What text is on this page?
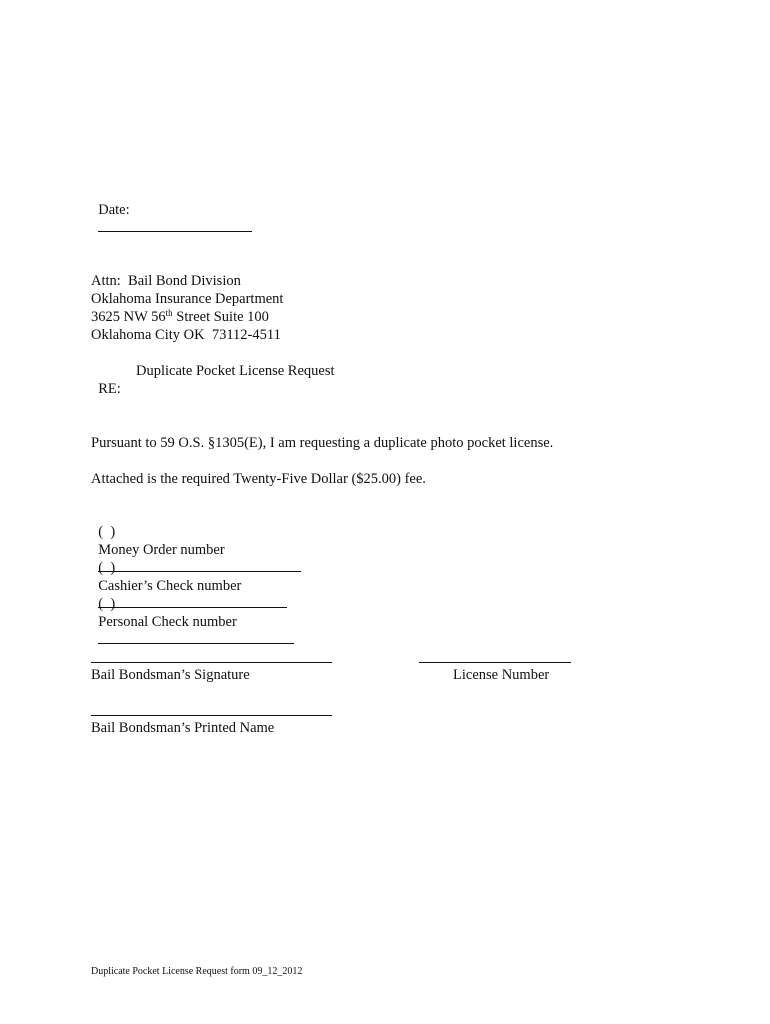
Date:

Attn:  Bail Bond Division
Oklahoma Insurance Department
3625 NW 56th Street Suite 100
Oklahoma City OK  73112-4511

RE:

Duplicate Pocket License Request
Pursuant to 59 O.S. §1305(E), I am requesting a duplicate photo pocket license.
Attached is the required Twenty-Five Dollar ($25.00) fee.

(  )
Money Order number

(  )
Cashier’s Check number

(  )
Personal Check number

Bail Bondsman’s Signature	License Number
Bail Bondsman’s Printed Name
Duplicate Pocket License Request form 09_12_2012
